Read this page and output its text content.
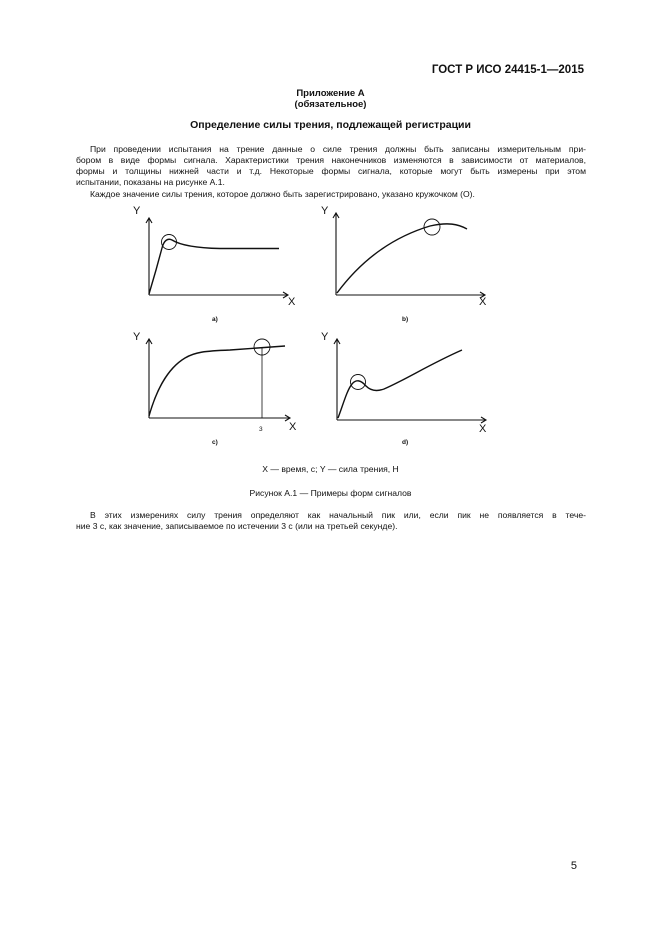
ГОСТ Р ИСО 24415-1—2015
Приложение А
(обязательное)
Определение силы трения, подлежащей регистрации
При проведении испытания на трение данные о силе трения должны быть записаны измерительным при-
бором в виде формы сигнала. Характеристики трения наконечников изменяются в зависимости от материалов,
формы и толщины нижней части и т.д. Некоторые формы сигнала, которые могут быть измерены при этом
испытании, показаны на рисунке А.1.
Каждое значение силы трения, которое должно быть зарегистрировано, указано кружочком (О).
Y
X
a)
Y
X
b)
3
Y
X
c)
Y
X
d)
X — время, с; Y — сила трения, Н
Рисунок А.1 — Примеры форм сигналов
В этих измерениях силу трения определяют как начальный пик или, если пик не появляется в тече-
ние 3 с, как значение, записываемое по истечении 3 с (или на третьей секунде).
5
